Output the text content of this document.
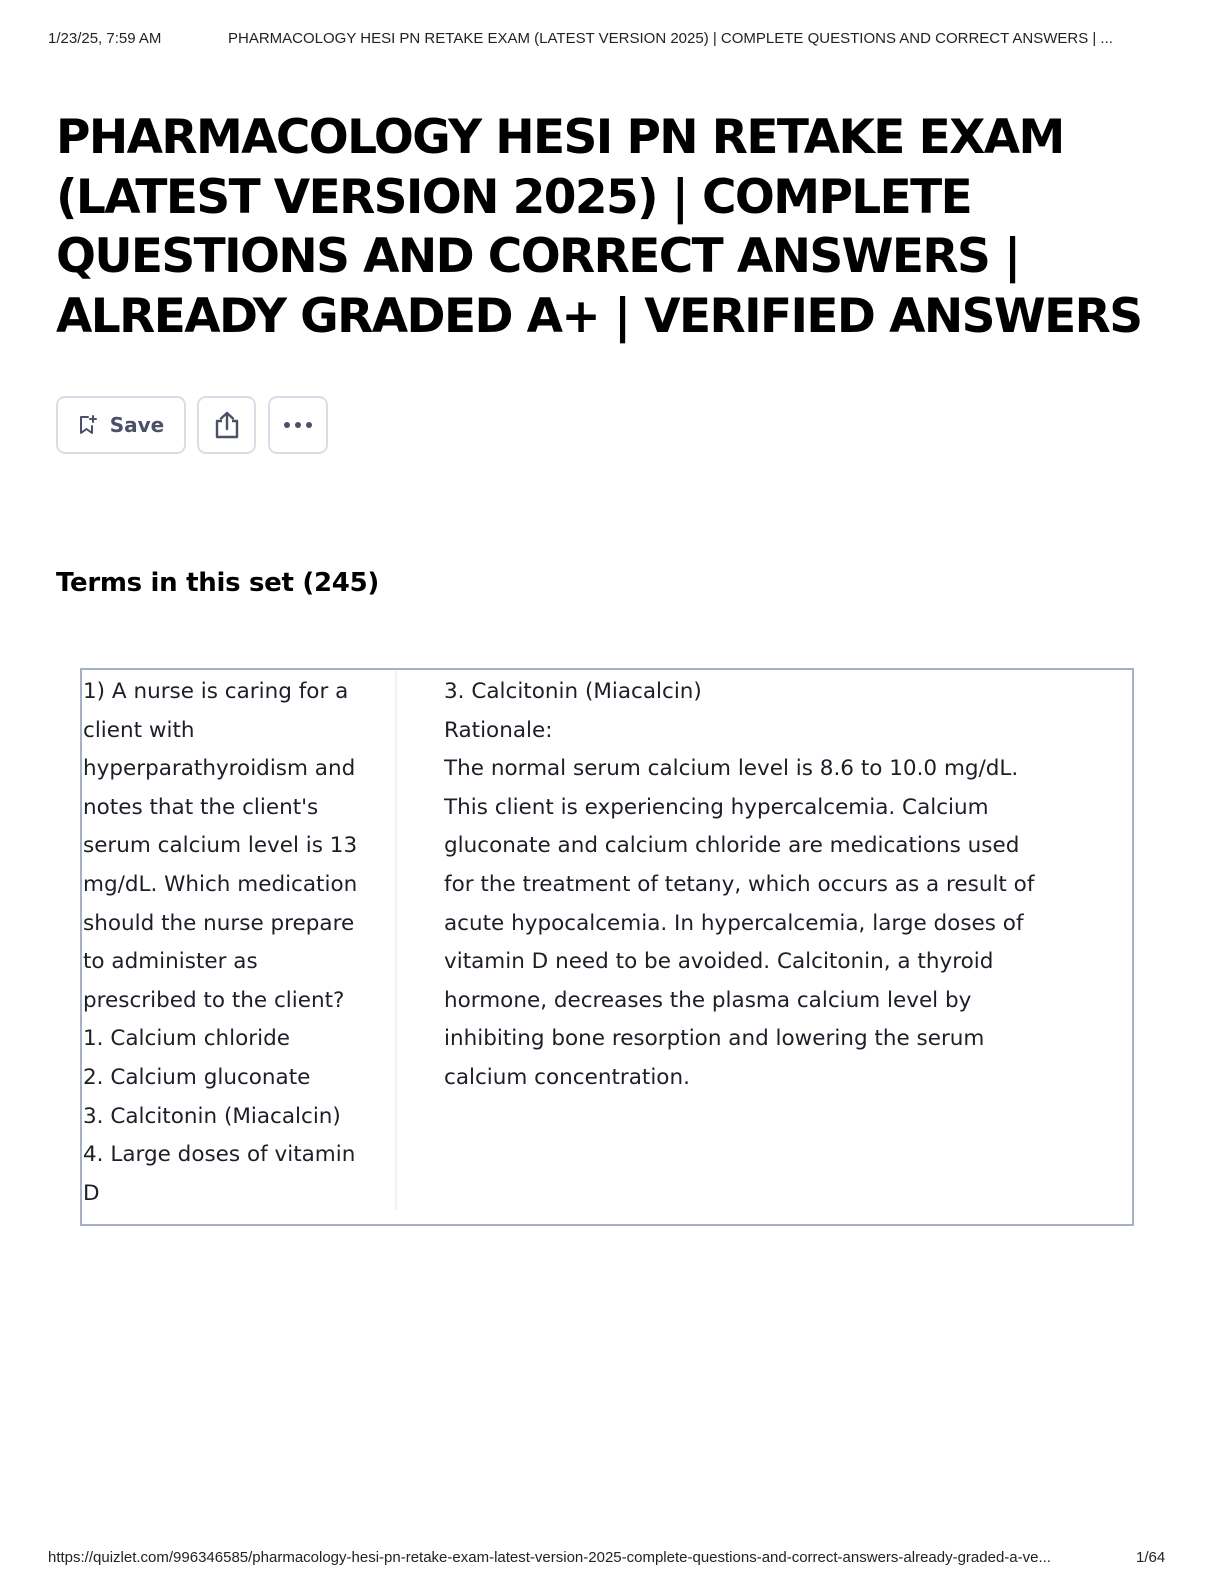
1/23/25, 7:59 AM	PHARMACOLOGY HESI PN RETAKE EXAM (LATEST VERSION 2025) | COMPLETE QUESTIONS AND CORRECT ANSWERS | ...
PHARMACOLOGY HESI PN RETAKE EXAM
(LATEST VERSION 2025) | COMPLETE
QUESTIONS AND CORRECT ANSWERS |
ALREADY GRADED A+ | VERIFIED ANSWERS
Save
Terms in this set (245)
1) A nurse is caring for a
client with
hyperparathyroidism and
notes that the client's
serum calcium level is 13
mg/dL. Which medication
should the nurse prepare
to administer as
prescribed to the client?
1. Calcium chloride
2. Calcium gluconate
3. Calcitonin (Miacalcin)
4. Large doses of vitamin
D
3. Calcitonin (Miacalcin)
Rationale:
The normal serum calcium level is 8.6 to 10.0 mg/dL.
This client is experiencing hypercalcemia. Calcium
gluconate and calcium chloride are medications used
for the treatment of tetany, which occurs as a result of
acute hypocalcemia. In hypercalcemia, large doses of
vitamin D need to be avoided. Calcitonin, a thyroid
hormone, decreases the plasma calcium level by
inhibiting bone resorption and lowering the serum
calcium concentration.
https://quizlet.com/996346585/pharmacology-hesi-pn-retake-exam-latest-version-2025-complete-questions-and-correct-answers-already-graded-a-ve...	1/64
